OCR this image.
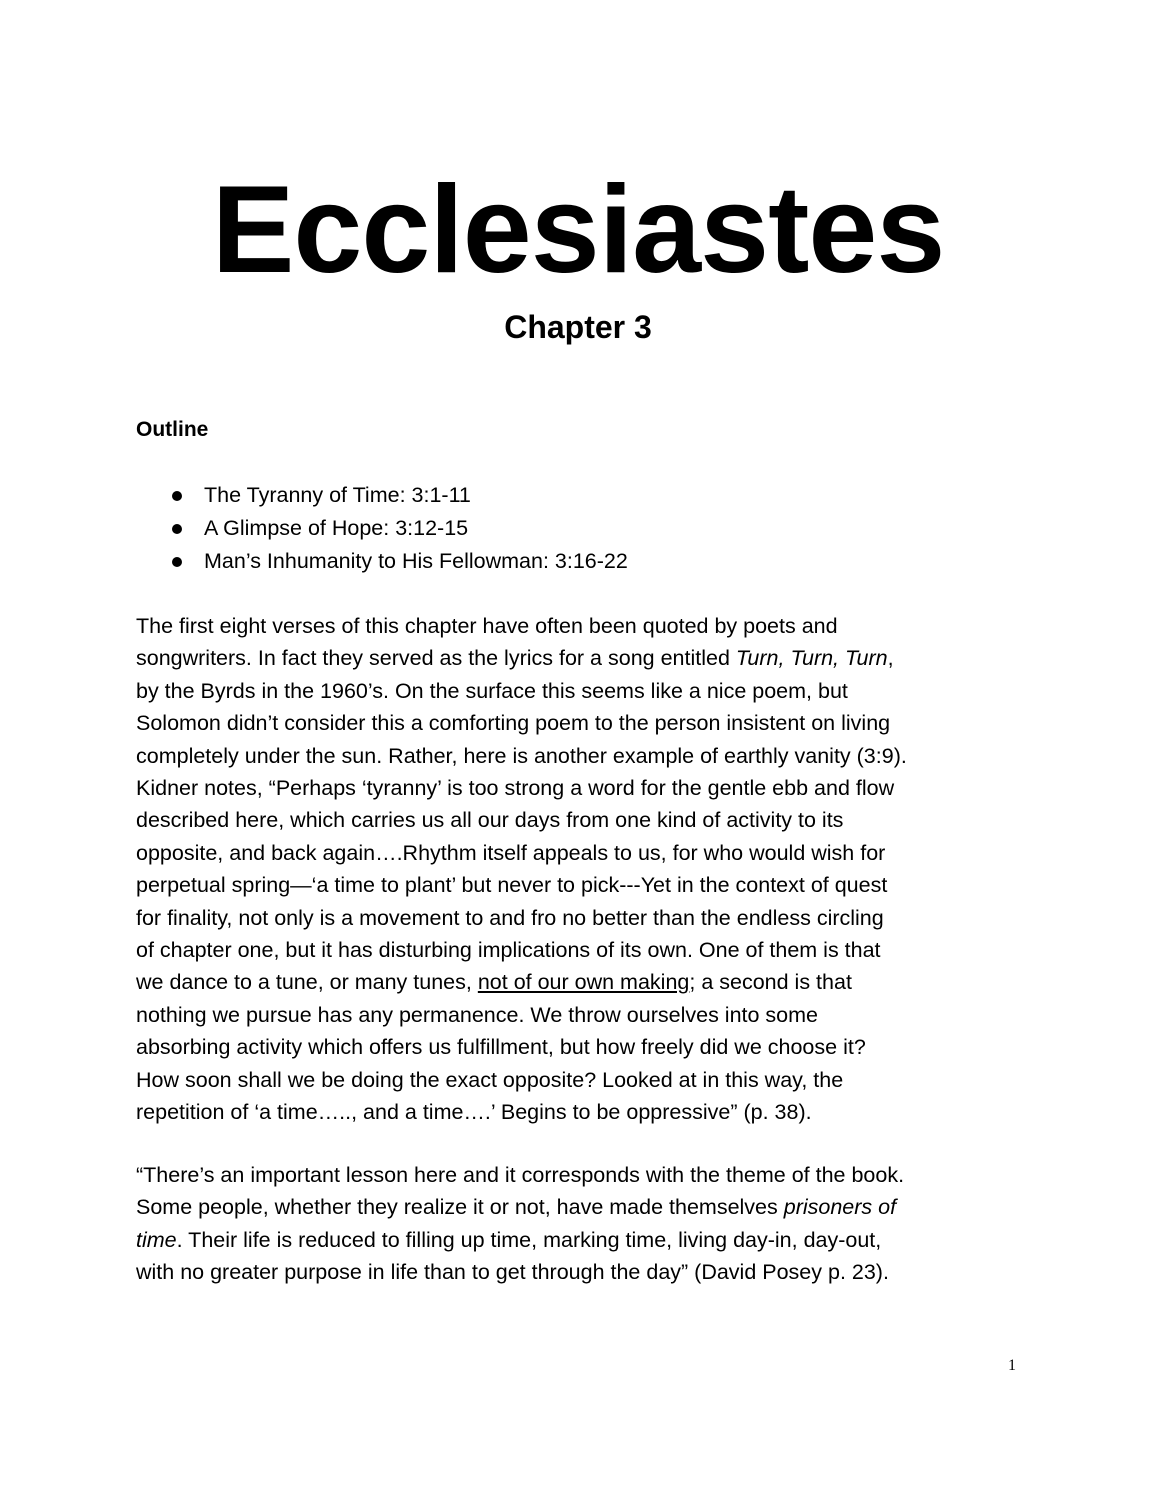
Ecclesiastes
Chapter 3
Outline
The Tyranny of Time: 3:1-11
A Glimpse of Hope: 3:12-15
Man’s Inhumanity to His Fellowman: 3:16-22
The first eight verses of this chapter have often been quoted by poets and
songwriters. In fact they served as the lyrics for a song entitled Turn, Turn, Turn,
by the Byrds in the 1960’s. On the surface this seems like a nice poem, but
Solomon didn’t consider this a comforting poem to the person insistent on living
completely under the sun. Rather, here is another example of earthly vanity (3:9).
Kidner notes, “Perhaps ‘tyranny’ is too strong a word for the gentle ebb and flow
described here, which carries us all our days from one kind of activity to its
opposite, and back again….Rhythm itself appeals to us, for who would wish for
perpetual spring—‘a time to plant’ but never to pick---Yet in the context of quest
for finality, not only is a movement to and fro no better than the endless circling
of chapter one, but it has disturbing implications of its own. One of them is that
we dance to a tune, or many tunes, not of our own making; a second is that
nothing we pursue has any permanence. We throw ourselves into some
absorbing activity which offers us fulfillment, but how freely did we choose it?
How soon shall we be doing the exact opposite? Looked at in this way, the
repetition of ‘a time….., and a time….’ Begins to be oppressive” (p. 38).
“There’s an important lesson here and it corresponds with the theme of the book.
Some people, whether they realize it or not, have made themselves prisoners of
time. Their life is reduced to filling up time, marking time, living day-in, day-out,
with no greater purpose in life than to get through the day” (David Posey p. 23).
1
